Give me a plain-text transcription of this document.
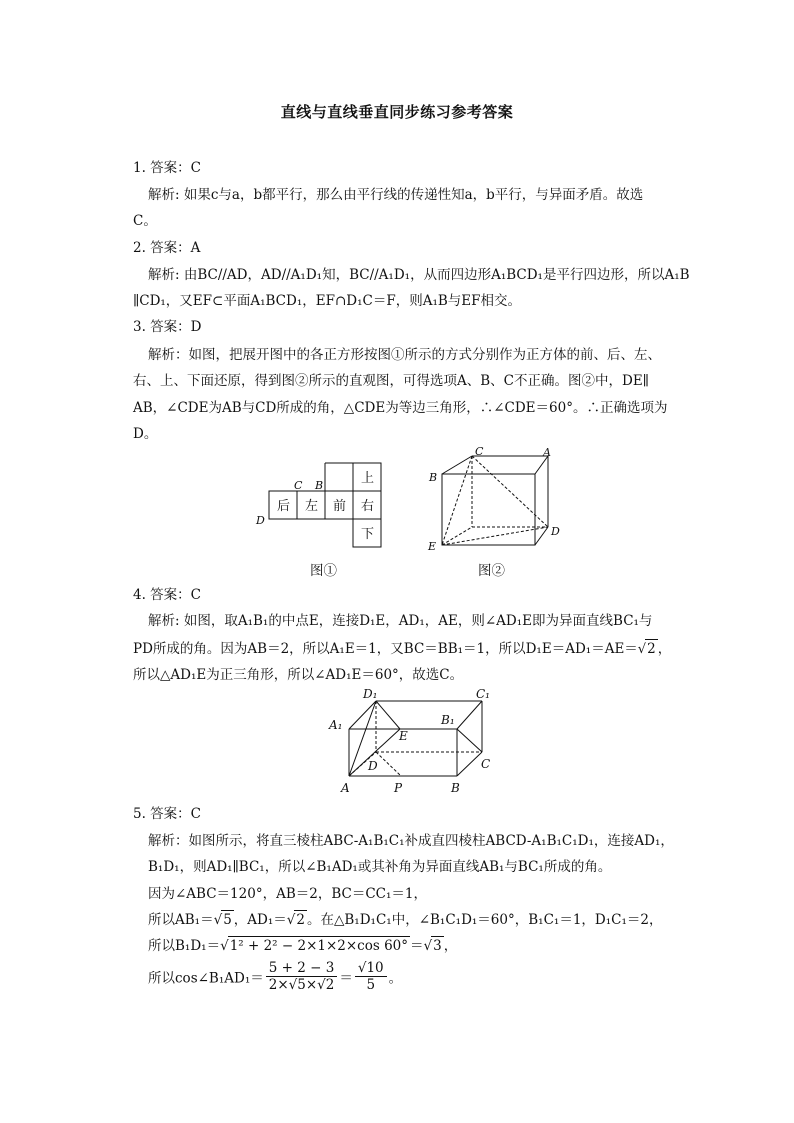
直线与直线垂直同步练习参考答案
1. 答案：C
解析: 如果c与a，b都平行，那么由平行线的传递性知a，b平行，与异面矛盾。故选
C。
2. 答案：A
解析: 由BC//AD，AD//A₁D₁知，BC//A₁D₁，从而四边形A₁BCD₁是平行四边形，所以A₁B
∥CD₁，又EF⊂平面A₁BCD₁，EF∩D₁C＝F，则A₁B与EF相交。
3. 答案：D
解析：如图，把展开图中的各正方形按图①所示的方式分别作为正方体的前、后、左、
右、上、下面还原，得到图②所示的直观图，可得选项A、B、C不正确。图②中，DE∥
AB，∠CDE为AB与CD所成的角，△CDE为等边三角形，∴∠CDE＝60°。∴正确选项为
D。
后 左 前 右
上
下
C B
D
图①
C	A
B
D
E
图②
4. 答案：C
解析: 如图，取A₁B₁的中点E，连接D₁E，AD₁，AE，则∠AD₁E即为异面直线BC₁与
PD所成的角。因为AB＝2，所以A₁E＝1，又BC＝BB₁＝1，所以D₁E＝AD₁＝AE＝√2 ，
所以△AD₁E为正三角形，所以∠AD₁E＝60°，故选C。
D₁	C₁
A₁	B₁
E
D	C
A	P	B
5. 答案：C
解析：如图所示，将直三棱柱ABC-A₁B₁C₁补成直四棱柱ABCD-A₁B₁C₁D₁，连接AD₁，
B₁D₁，则AD₁∥BC₁，所以∠B₁AD₁或其补角为异面直线AB₁与BC₁所成的角。
因为∠ABC＝120°，AB＝2，BC＝CC₁＝1，
所以AB₁＝√5 ，AD₁＝√2 。在△B₁D₁C₁中，∠B₁C₁D₁＝60°，B₁C₁＝1，D₁C₁＝2，
所以B₁D₁＝√1² + 2² − 2×1×2×cos 60° ＝√3 ，
所以cos∠B₁AD₁＝ $\frac{5 + 2 - 3}{2\times√5\times√2} = \frac{√10}{5}$ 。
